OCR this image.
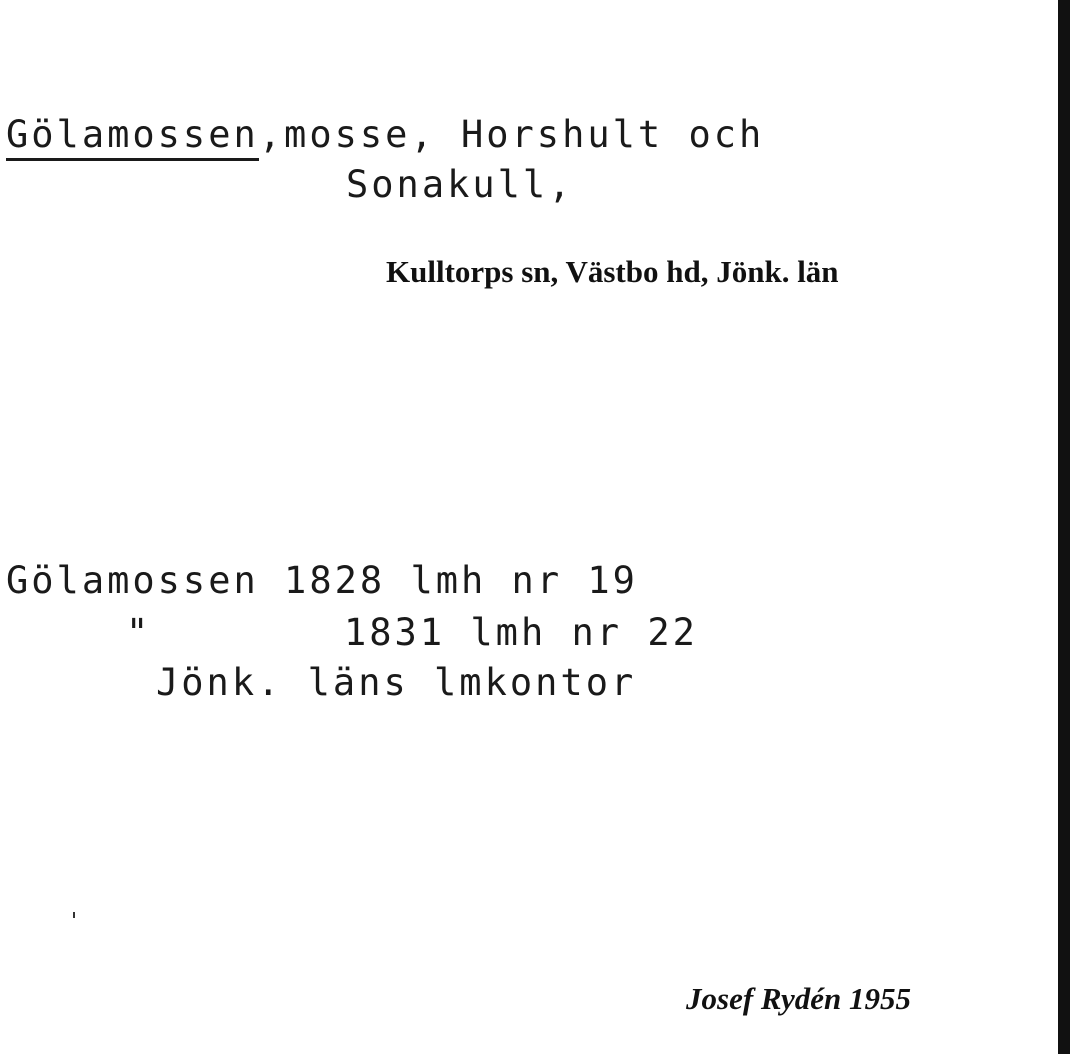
Gölamossen,mosse, Horshult och
Sonakull,
Kulltorps sn, Västbo hd, Jönk. län
Gölamossen 1828 lmh nr 19
"	1831 lmh nr 22
Jönk. läns lmkontor
Josef Rydén 1955
